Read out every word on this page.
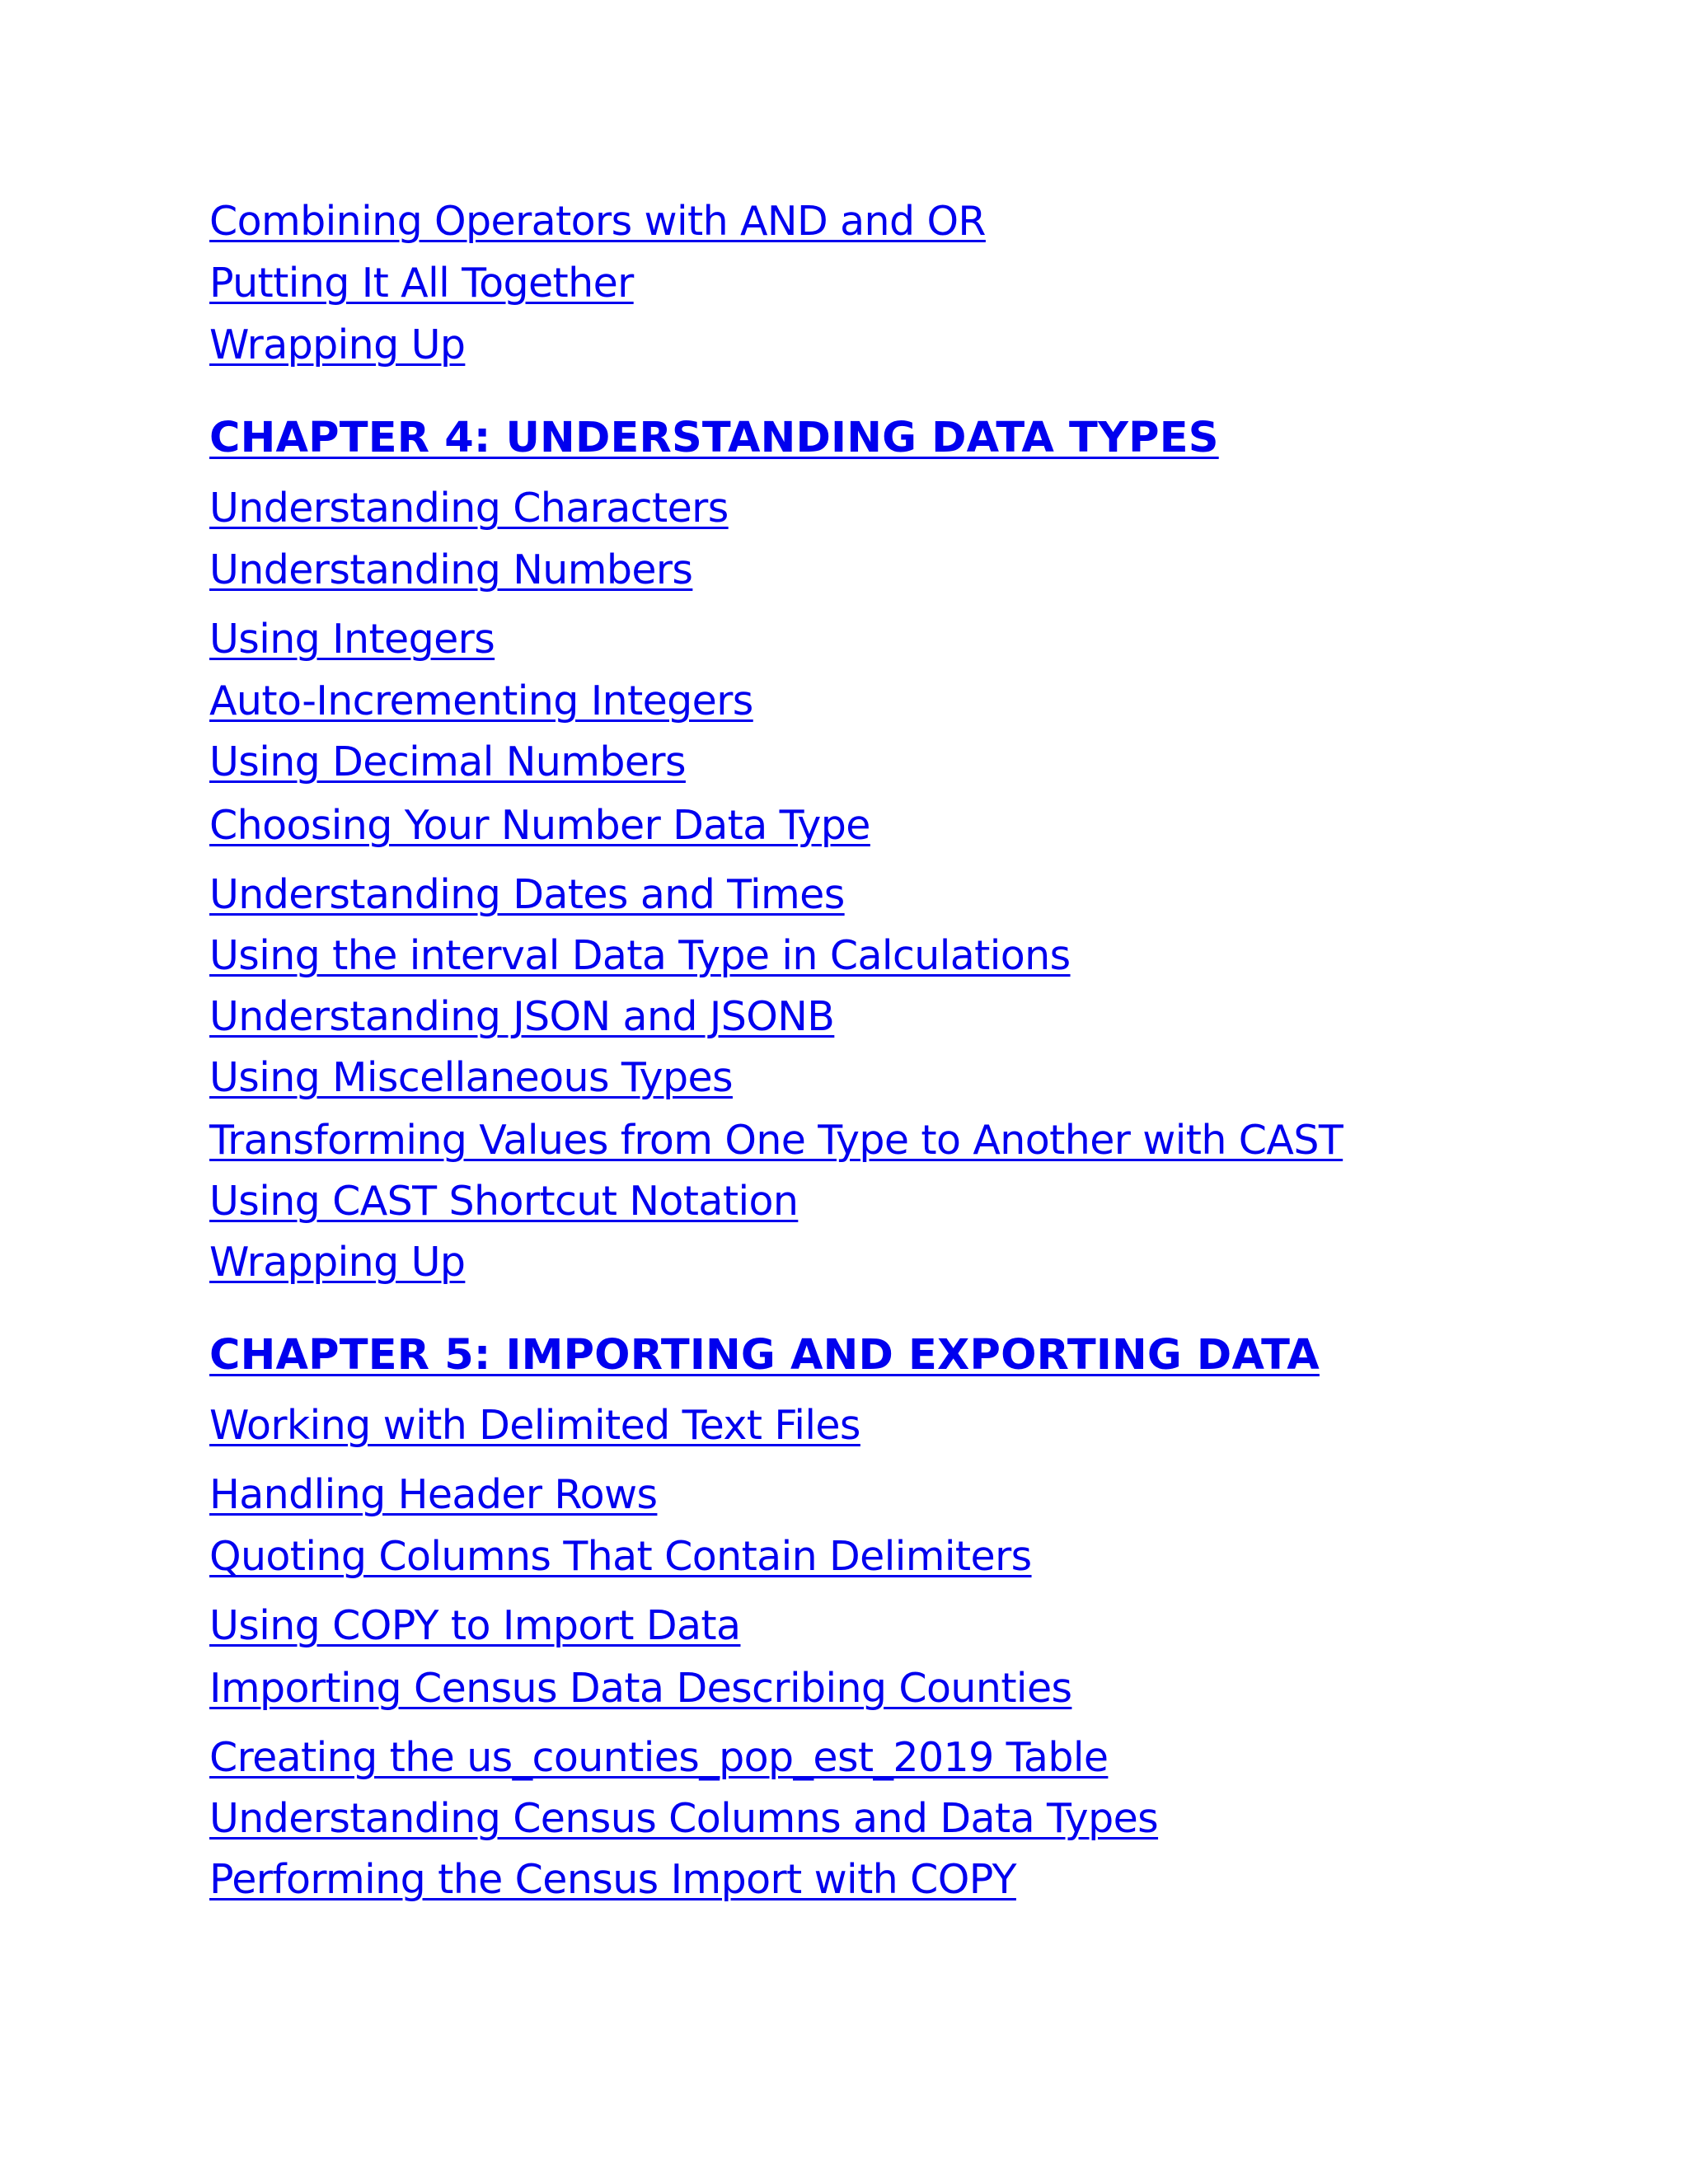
Combining Operators with AND and OR
Putting It All Together
Wrapping Up
CHAPTER 4: UNDERSTANDING DATA TYPES
Understanding Characters
Understanding Numbers
Using Integers
Auto-Incrementing Integers
Using Decimal Numbers
Choosing Your Number Data Type
Understanding Dates and Times
Using the interval Data Type in Calculations
Understanding JSON and JSONB
Using Miscellaneous Types
Transforming Values from One Type to Another with CAST
Using CAST Shortcut Notation
Wrapping Up
CHAPTER 5: IMPORTING AND EXPORTING DATA
Working with Delimited Text Files
Handling Header Rows
Quoting Columns That Contain Delimiters
Using COPY to Import Data
Importing Census Data Describing Counties
Creating the us_counties_pop_est_2019 Table
Understanding Census Columns and Data Types
Performing the Census Import with COPY
